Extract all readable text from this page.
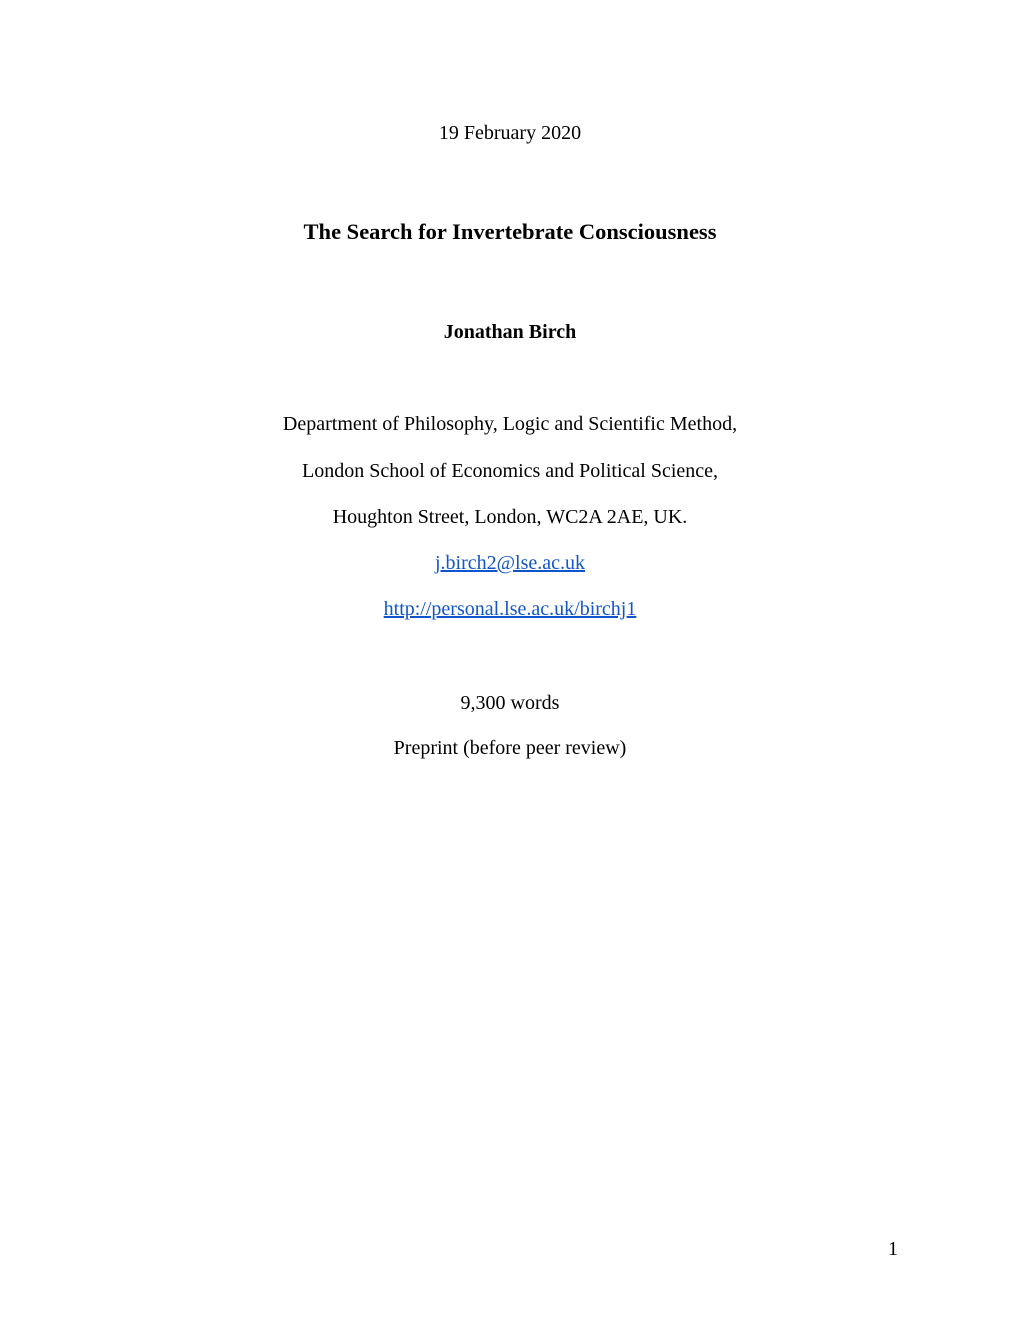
19 February 2020
The Search for Invertebrate Consciousness
Jonathan Birch
Department of Philosophy, Logic and Scientific Method,
London School of Economics and Political Science,
Houghton Street, London, WC2A 2AE, UK.
j.birch2@lse.ac.uk
http://personal.lse.ac.uk/birchj1
9,300 words
Preprint (before peer review)
1
